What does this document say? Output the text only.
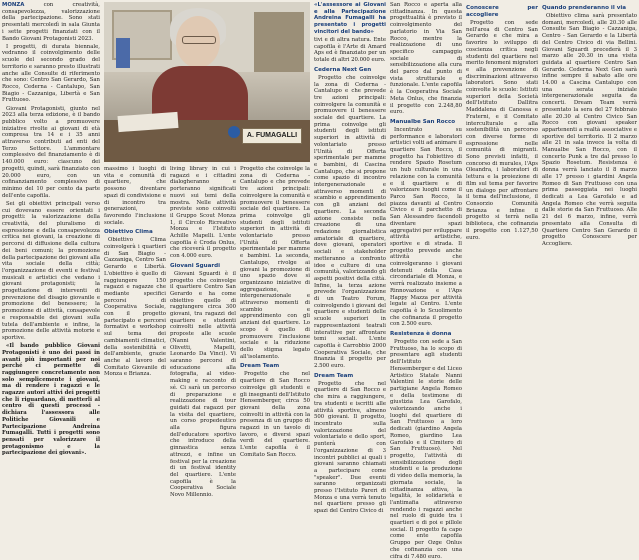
MONZA con creatività, consapevolezza, valorizzazione della partecipazione. Sono stati presentati mercoledì in sala Giunta i sette progetti finanziati con il Bando Giovani Protagonisti 2023.

I progetti, di durata biennale, vedranno il coinvolgimento delle scuole del secondo grado del territorio e saranno presto illustrati anche alle Consulte di riferimento che sono: Centro San Gerardo, San Rocco, Cederna - Cantalupo, San Biagio - Cazzaniga, Libertà e San Fruttuoso.

Giovani Protagonisti, giunto nel 2023 alla terza edizione, è il bando pubblico volto a promuovere iniziative rivolte ai giovani di età compresa tra 14 e i 35 anni attraverso contributi ad enti del Terzo Settore. L'ammontare complessivo del finanziamento è di 140.000 euro: ciascuno dei progetti, quindi, sarà finanziato con 20.000 euro, con un cofinanziamento complessivo di minimo del 10 per cento da parte dell'ente capofila.

Sei gli obiettivi principali verso cui dovevano essere orientati i progetti: la valorizzazione della creatività, del pluralismo di espressione e della consapevolezza critica nei giovani, la creazione di percorsi di diffusione della cultura dei beni comuni; la promozione della partecipazione dei giovani alla vita sociale della città; l'organizzazione di eventi e festival musicali e artistici che vedano i giovani protagonisti; la progettazione di interventi di prevenzione del disagio giovanile e promozione del benessere; la promozione di attività, consapevole e responsabile dei giovani sulla tutela dell'ambiente e infine, la promozione delle attività motorie e sportive.

«Il bando pubblico Giovani Protagonisti è uno dei passi in avanti più importanti per noi perché ci permette di raggiungere concretamente non solo semplicemente i giovani, ma di rendere i ragazzi e le ragazze autori attivi dei progetti che li riguardano, di metterli al centro di questi processi - dichiara l'assessora alle Politiche Giovanili e Partecipazione Andreina Fumagalli. Tutti i progetti sono pensati per valorizzare il protagonismo e la partecipazione dei giovani».

A. FUMAGALLI

massimo i luoghi di vita e comunità di quartiere, che possono diventare spazi di condivisione e di incontro tra generazioni, favorendo l'inclusione sociale.

Obiettivo Clima

Obiettivo Clima coinvolgerà i quartieri di San Biagio - Cazzaniga, Centro San Gerardo e Libertà. L'obiettivo è quello di raggiungere 150 ragazzi e ragazze che mediante specifici percorsi di Cooperativa Sociale, con il progetto partecipato e percorsi formativi e workshop sul tema dei cambiamenti climatici, della sostenibilità e dell'ambiente, grazie anche al lavoro del Comitato Giovanile di Monza e Brianza.

living library in cui i ragazzi e i cittadini dialogheranno e porteranno significati nuovi sui temi della mostra. Nelle attività previste sono coinvolti il Gruppo Scout Monza 1, il Circolo Ricreativo Monza e l'Istituto Achille Mapelli. L'ente capofila è Croda Onlus, che riceverà il progetto con 4.000 euro.

Giovani Sguardi

Giovani Sguardi è il progetto che coinvolge il quartiere Centro San Gerardo e ha come obiettivo quello di raggiungere circa 300 giovani, tra ragazzi del quartiere e studenti coinvolti nelle attività proposte alle scuole (Nanni Valentini, Olivetti, Mapelli, Leonardo Da Vinci). Vi saranno percorsi di educazione alla fotografia, al video-making e racconto di sé. Ci sarà un percorso di preparazione e realizzazione di tour guidati dai ragazzi per la visita del quartiere, un corso propedeutico alla figura dell'educatore sportivo che introduce della ginnastica senza attrezzi, e infine un festival per la creazione di un festival identity del quartiere. L'ente capofila è la Cooperativa Sociale Novo Millennio.

Progetto che coinvolge la zona di Cederna - Cantalupo e che prevede tre azioni principali: coinvolgere la comunità e promuovere il benessere sociale del quartiere. La prima coinvolge gli studenti degli istituti superiori in attività di volontariato presso l'Unità di Offerta sperimentale per mamme e bambini. La seconda, Cantalupo, rivolge ai giovani la promozione di uno spazio dove si organizzano iniziative di aggregazione, intergenerazionale e attraverso momenti di scambio e apprendimento con gli anziani del quartiere. Lo scopo è quello di promuovere l'inclusione sociale e la riduzione dello stigma legato all'isolamento.

Dream Team

Progetto che nel quartiere di San Rocco coinvolge gli studenti e gli insegnanti dell'Istituto Hensemberger, circa 50 giovani della zona coinvolti in attività con la presenza di un gruppo di ragazzi in un tavolo di lavoro, e diversi spazi verdi del quartiere. L'ente capofila è il Comitato San Rocco.

«L'assessore ai Giovani e alla Partecipazione Andreina Fumagalli ha presentato i progetti vincitori del bando»

tivi e di altra natura. Ente capofila è l'Arte di Amard Aps ed è finanziato per un totale di altri 20.000 euro.

Cederna Next Gen

Progetto che coinvolge la zona di Cederna - Cantalupo e che prevede tre azioni principali: coinvolgere la comunità e promuovere il benessere sociale del quartiere. La prima coinvolge gli studenti degli istituti superiori in attività di volontariato presso l'Unità di Offerta sperimentale per mamme e bambini, di Cascina Cantalupo, che si propone come spazio di incontro intergenerazionale e attraverso momenti di scambio e apprendimento con gli anziani del quartiere. La seconda azione consiste nella creazione di una redazione giornalistica amatoriale di quartiere, dove giovani, operatori sociali e stakeholder metteranno a confronto idee e culture di una comunità, valorizzando gli aspetti positivi della città. Infine, la terza azione prevede l'organizzazione di un Teatro Forum, coinvolgendo i giovani del quartiere e studenti delle scuole superiori in rappresentazioni teatrali interattive per affrontare temi sociali. L'ente capofila è Carrobbio 2000 Cooperativa Sociale, che finanzia il progetto per 2.500 euro.

Dream Team

Progetto che nel quartiere di San Rocco e che mira a raggiungere, tra studenti e iscritti alle attività sportive, almeno 500 giovani. Il progetto, incentrato sulla valorizzazione del volontariato e dello sport, punterà con l'organizzazione di 3 incontri pubblici ai quali i giovani saranno chiamati a partecipare come "speaker". Due eventi saranno organizzati presso l'Istituto Pareri di Monza e una verrà tenuto nel quartiere presso gli spazi del Centro Civico di

San Rocco e aperta alla cittadinanza. In questa progettualità è previsto il coinvolgimento del parlatorio in Via San Rocco, mentre la realizzazione di uno specifico campaggio sociale di sensibilizzazione alla cura del parco dal punto di vista strutturale e funzionale. L'ente capofila è la Cooperativa Sociale Meta Onlus, che finanzia il progetto con 2.248,80 euro.

Manualbe San Rocco

Incentrato su performance e laboratori artistici volti ad animare il quartiere San Rocco, il progetto ha l'obiettivo di rendere Spazio Rosetum un hub culturale in una relazione con la comunità e il quartiere e di valorizzare luoghi come il Parco San Rocco, la piazza davanti al Centro Civico e il parchetto di San Alessandro facendoli diventare spazi aggregativi per sviluppare attività artistiche, sportive e di strada. Il progetto prevede anche attività che coinvolgeranno i giovani detenuti della Casa circondariale di Monza, e verrà realizzato insieme a Rinnovazione e l'Aps Happy Mazza per attività legate al Centro. L'ente capofila è lo Scuolimento che cofinanzia il progetto con 2.500 euro.

Resistenza è donna

Progetto con sede a San Fruttuoso, ha lo scopo di presentare agli studenti dell'Istituto Hensemberger e del Liceo Artistico Statale Nanni Valentini le storie delle partigiane Angela Romeo e della testimone di giustizia Lea Garofalo, valorizzando anche i luoghi del quartiere di San Fruttuoso a loro dedicati (giardino Angela Romeo, giardino Lea Garofalo e il Cimitero di San Fruttuoso). Nel progetto, l'attività di sensibilizzazione degli studenti e la produzione di video della memoria, la giornata sociale, la cittadinanza attiva, la legalità, le solidarietà e l'antimafia attraverso rendendo i ragazzi anche nel ruolo di guide tra i quartieri e di poi e pillole social. Il progetto fa capo come ente capofila Gruppo per Ozge Onlus che cofinanzia con una cifra di 7.480 euro.

Conoscere per accogliere

Progetto con sede nell'area di Centro San Gerardo e che mira a favorire lo sviluppo di coscienza critica negli studenti del quartiere nel merito fenomeni migratori e alla prevenzione di discriminazioni attraverso laboratori. Sono stati coinvolte le scuole: Istituti superiori della Società dell'Istituto Dallitra Maddalena di Canossa e Fraterni, e il Comitato interculturale e alla sostenibilità un percorso con diverse forme di espressione nelle comunità di migranti. Sono previsti infatti, il concorso di murales, l'Aps Oleandra, i laboratori di lettura e la proiezione di film sul tema per favorire un dialogo per affrontare il tema dell'inclusione, il Consorzio Comunità Brianza e infine il progetto si terrà nella biblioteca, che cofinanzia il progetto con 1.127,50 euro.

Quando prenderanno il via

Obiettivo clima sarà presentato domani, mercoledì, alle 20.30 alle Consulte San Biagio - Cazzaniga, Centro - San Gerardo e la Libertà del Centro Civico di via Bellini. Giovani Sguardi precederà il 3 marzo alle 20.30 in una visita guidata al quartiere Centro San Gerardo. Cederna Next Gen sarà infine sempre il sabato alle ore 14.00 a Cascina Cantalupo con una serata iniziale intergenerazionale seguita da concerti. Dream Team verrà presentato la sera del 27 febbraio alle 20.30 al Centro Civico San Rocco con giovani speaker appartenenti a realtà associative e sportive del territorio. Il 2 marzo alle 21 in sala invece la volta di Manualbe San Rocco, con il concerto Punk a tre dal presso lo Spazio Rosetum. Resistenza è donna verrà lanciato il 8 marzo alle 17 presso i giardini Angela Romeo di San Fruttuoso con una prima passeggiata nei luoghi dedicati a Lea Garofalo e ad Angela Romeo che verrà seguita dalle storie da San Fruttuoso. Alle 21 del 6 marzo, infine, verrà presentato alla Consulta di Quartiere Centro San Gerardo il progetto Conoscere per Accogliere.
